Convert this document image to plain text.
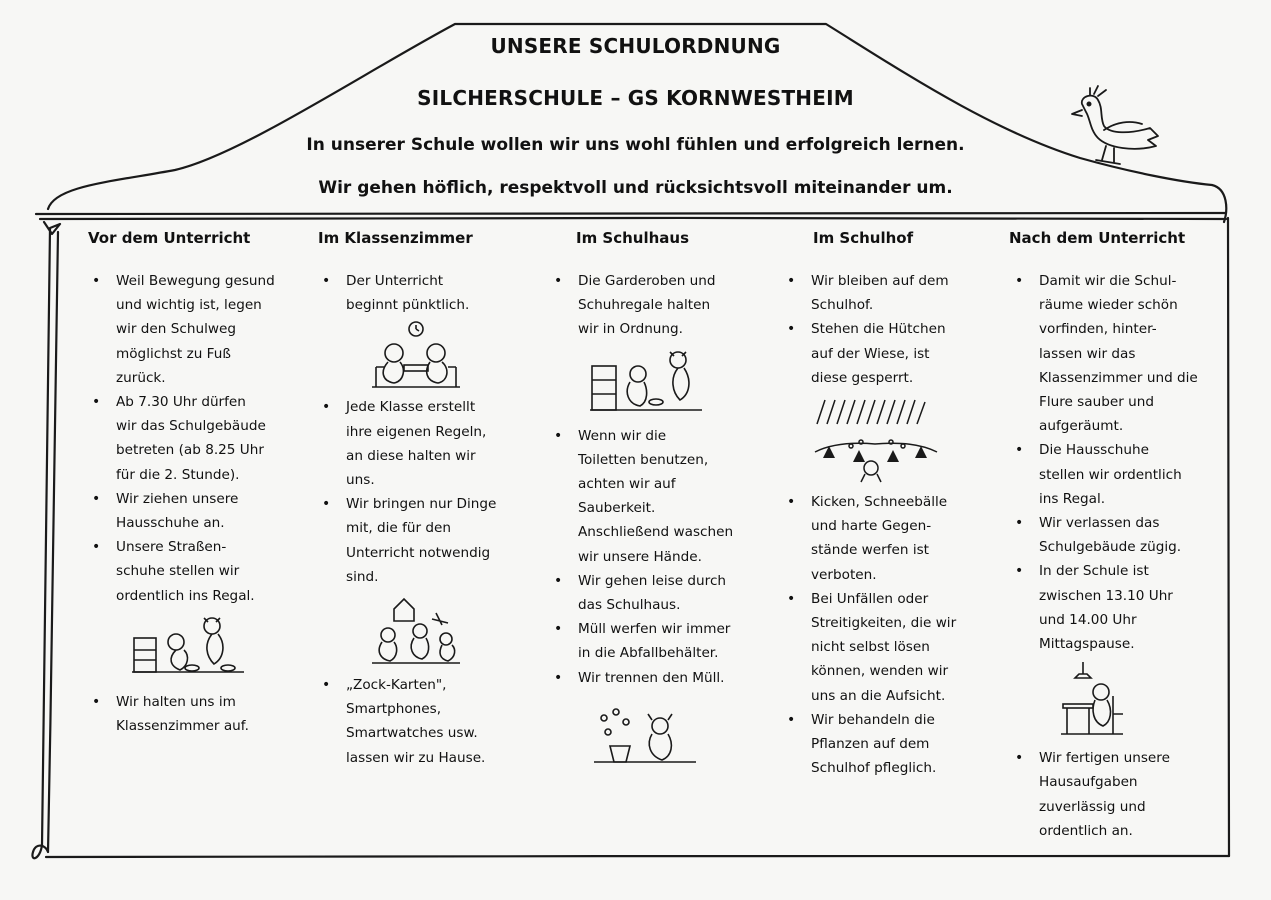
UNSERE SCHULORDNUNG
SILCHERSCHULE – GS KORNWESTHEIM
In unserer Schule wollen wir uns wohl fühlen und erfolgreich lernen.
Wir gehen höflich, respektvoll und rücksichtsvoll miteinander um.
Vor dem Unterricht
• Weil Bewegung gesund
und wichtig ist, legen
wir den Schulweg
möglichst zu Fuß
zurück.
• Ab 7.30 Uhr dürfen
wir das Schulgebäude
betreten (ab 8.25 Uhr
für die 2. Stunde).
• Wir ziehen unsere
Hausschuhe an.
• Unsere Straßen-
schuhe stellen wir
ordentlich ins Regal.
• Wir halten uns im
Klassenzimmer auf.
Im Klassenzimmer
• Der Unterricht
beginnt pünktlich.
• Jede Klasse erstellt
ihre eigenen Regeln,
an diese halten wir
uns.
• Wir bringen nur Dinge
mit, die für den
Unterricht notwendig
sind.
• „Zock-Karten",
Smartphones,
Smartwatches usw.
lassen wir zu Hause.
Im Schulhaus
• Die Garderoben und
Schuhregale halten
wir in Ordnung.
• Wenn wir die
Toiletten benutzen,
achten wir auf
Sauberkeit.
Anschließend waschen
wir unsere Hände.
• Wir gehen leise durch
das Schulhaus.
• Müll werfen wir immer
in die Abfallbehälter.
• Wir trennen den Müll.
Im Schulhof
• Wir bleiben auf dem
Schulhof.
• Stehen die Hütchen
auf der Wiese, ist
diese gesperrt.
• Kicken, Schneebälle
und harte Gegen-
stände werfen ist
verboten.
• Bei Unfällen oder
Streitigkeiten, die wir
nicht selbst lösen
können, wenden wir
uns an die Aufsicht.
• Wir behandeln die
Pflanzen auf dem
Schulhof pfleglich.
Nach dem Unterricht
• Damit wir die Schul-
räume wieder schön
vorfinden, hinter-
lassen wir das
Klassenzimmer und die
Flure sauber und
aufgeräumt.
• Die Hausschuhe
stellen wir ordentlich
ins Regal.
• Wir verlassen das
Schulgebäude zügig.
• In der Schule ist
zwischen 13.10 Uhr
und 14.00 Uhr
Mittagspause.
• Wir fertigen unsere
Hausaufgaben
zuverlässig und
ordentlich an.
